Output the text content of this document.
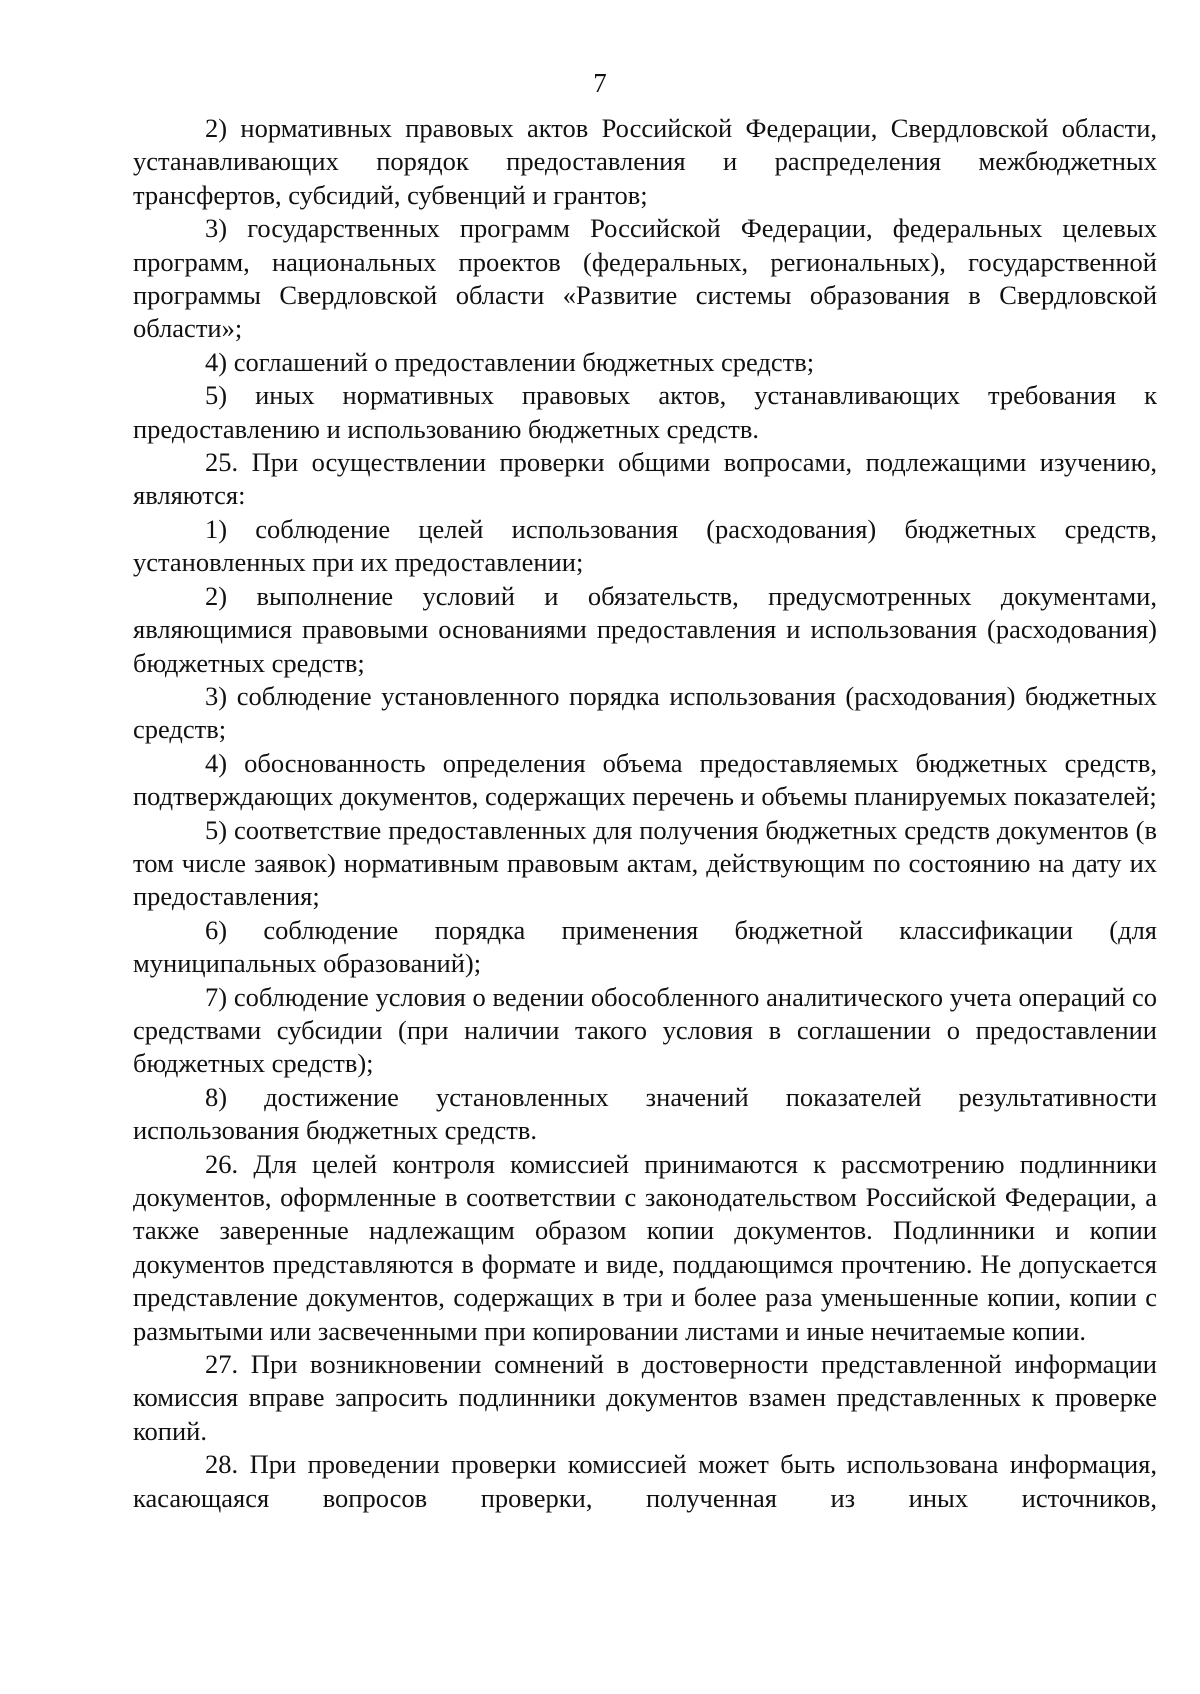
7

2) нормативных правовых актов Российской Федерации, Свердловской области, устанавливающих порядок предоставления и распределения межбюджетных трансфертов, субсидий, субвенций и грантов;

3) государственных программ Российской Федерации, федеральных целевых программ, национальных проектов (федеральных, региональных), государственной программы Свердловской области «Развитие системы образования в Свердловской области»;

4) соглашений о предоставлении бюджетных средств;

5) иных нормативных правовых актов, устанавливающих требования к предоставлению и использованию бюджетных средств.

25. При осуществлении проверки общими вопросами, подлежащими изучению, являются:

1) соблюдение целей использования (расходования) бюджетных средств, установленных при их предоставлении;

2) выполнение условий и обязательств, предусмотренных документами, являющимися правовыми основаниями предоставления и использования (расходования) бюджетных средств;

3) соблюдение установленного порядка использования (расходования) бюджетных средств;

4) обоснованность определения объема предоставляемых бюджетных средств, подтверждающих документов, содержащих перечень и объемы планируемых показателей;

5) соответствие предоставленных для получения бюджетных средств документов (в том числе заявок) нормативным правовым актам, действующим по состоянию на дату их предоставления;

6) соблюдение порядка применения бюджетной классификации (для муниципальных образований);

7) соблюдение условия о ведении обособленного аналитического учета операций со средствами субсидии (при наличии такого условия в соглашении о предоставлении бюджетных средств);

8) достижение установленных значений показателей результативности использования бюджетных средств.

26. Для целей контроля комиссией принимаются к рассмотрению подлинники документов, оформленные в соответствии с законодательством Российской Федерации, а также заверенные надлежащим образом копии документов. Подлинники и копии документов представляются в формате и виде, поддающимся прочтению. Не допускается представление документов, содержащих в три и более раза уменьшенные копии, копии с размытыми или засвеченными при копировании листами и иные нечитаемые копии.

27. При возникновении сомнений в достоверности представленной информации комиссия вправе запросить подлинники документов взамен представленных к проверке копий.

28. При проведении проверки комиссией может быть использована информация, касающаяся вопросов проверки, полученная из иных источников,
